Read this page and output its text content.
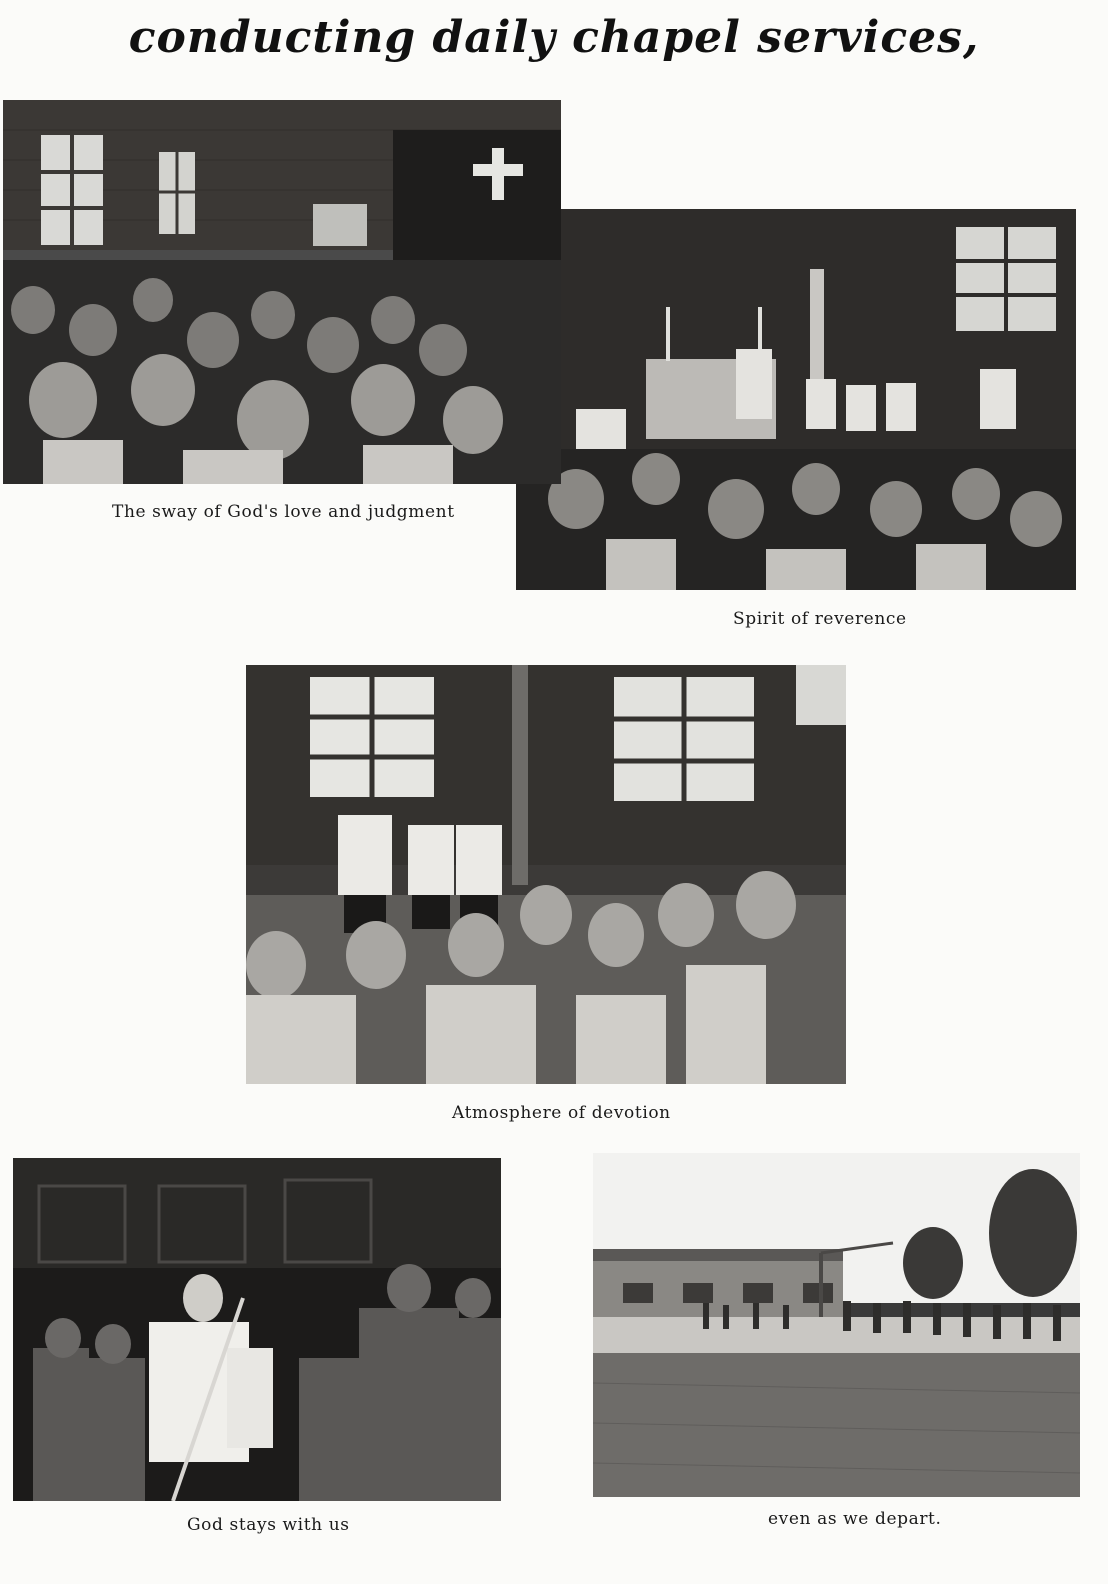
conducting daily chapel services,
The sway of God's love and judgment
Spirit of reverence
Atmosphere of devotion
God stays with us	even as we depart.
